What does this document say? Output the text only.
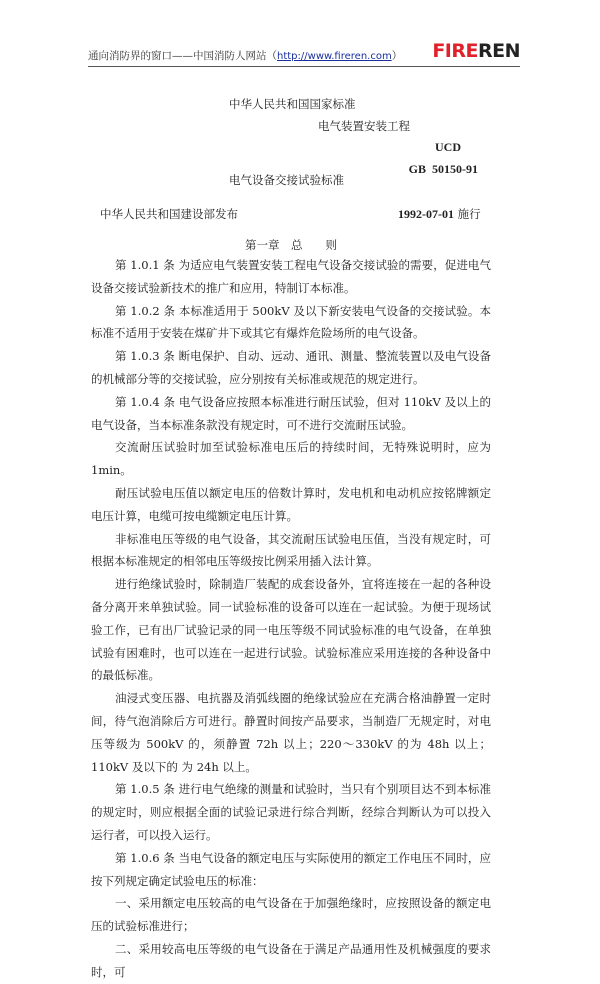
通向消防界的窗口——中国消防人网站（http://www.fireren.com） FIREREN
中华人民共和国国家标准
电气装置安装工程
UCD
GB  50150-91
电气设备交接试验标准
中华人民共和国建设部发布	1992-07-01 施行
第一章　总　　则

第 1.0.1 条 为适应电气装置安装工程电气设备交接试验的需要，促进电气设备交接试验新技术的推广和应用，特制订本标准。

第 1.0.2 条 本标准适用于 500kV 及以下新安装电气设备的交接试验。本标准不适用于安装在煤矿井下或其它有爆炸危险场所的电气设备。

第 1.0.3 条 断电保护、自动、远动、通讯、测量、整流装置以及电气设备的机械部分等的交接试验，应分别按有关标准或规范的规定进行。

第 1.0.4 条 电气设备应按照本标准进行耐压试验，但对 110kV 及以上的电气设备，当本标准条款没有规定时，可不进行交流耐压试验。

交流耐压试验时加至试验标准电压后的持续时间，无特殊说明时，应为 1min。

耐压试验电压值以额定电压的倍数计算时，发电机和电动机应按铭牌额定电压计算，电缆可按电缆额定电压计算。

非标准电压等级的电气设备，其交流耐压试验电压值，当没有规定时，可根据本标准规定的相邻电压等级按比例采用插入法计算。

进行绝缘试验时，除制造厂装配的成套设备外，宜将连接在一起的各种设备分离开来单独试验。同一试验标准的设备可以连在一起试验。为便于现场试验工作，已有出厂试验记录的同一电压等级不同试验标准的电气设备，在单独试验有困难时，也可以连在一起进行试验。试验标准应采用连接的各种设备中的最低标准。

油浸式变压器、电抗器及消弧线圈的绝缘试验应在充满合格油静置一定时间，待气泡消除后方可进行。静置时间按产品要求，当制造厂无规定时，对电压等级为 500kV 的，须静置 72h 以上；220～330kV 的为 48h 以上；110kV 及以下的 为 24h 以上。

第 1.0.5 条 进行电气绝缘的测量和试验时，当只有个别项目达不到本标准的规定时，则应根据全面的试验记录进行综合判断，经综合判断认为可以投入运行者，可以投入运行。

第 1.0.6 条 当电气设备的额定电压与实际使用的额定工作电压不同时，应按下列规定确定试验电压的标准：

一、采用额定电压较高的电气设备在于加强绝缘时，应按照设备的额定电压的试验标准进行；

二、采用较高电压等级的电气设备在于满足产品通用性及机械强度的要求时，可
